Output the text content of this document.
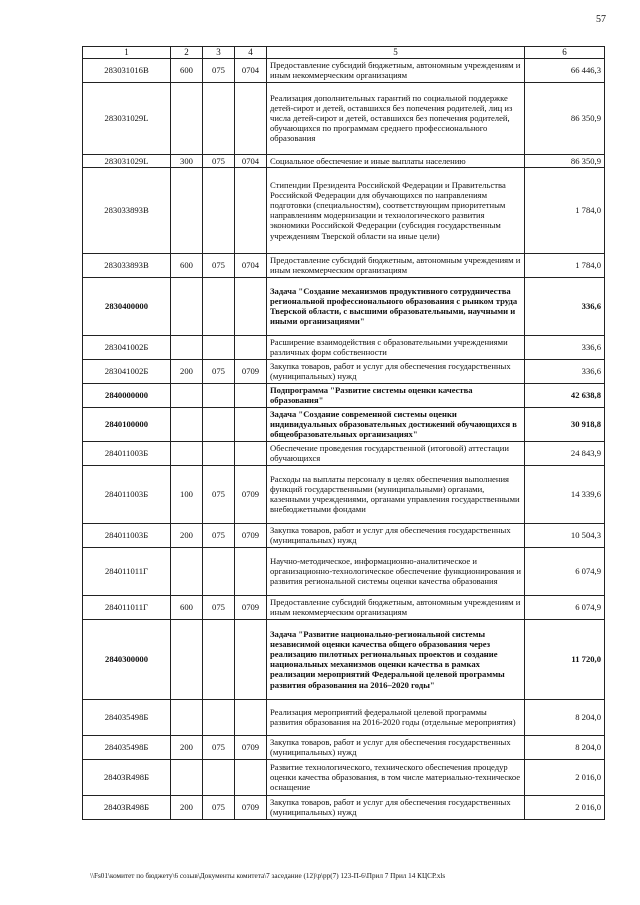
57
1	2	3	4	5	6
283031016B	600	075	0704	Предоставление субсидий бюджетным, автономным учреждениям и иным некоммерческим организациям	66 446,3
283031029L				Реализация дополнительных гарантий по социальной поддержке детей-сирот и детей, оставшихся без попечения родителей, лиц из числа детей-сирот и детей, оставшихся без попечения родителей, обучающихся по программам среднего профессионального образования	86 350,9
283031029L	300	075	0704	Социальное обеспечение и иные выплаты населению	86 350,9
283033893B				Стипендии Президента Российской Федерации и Правительства Российской Федерации для обучающихся по направлениям подготовки (специальностям), соответствующим приоритетным направлениям модернизации и технологического развития экономики Российской Федерации (субсидия государственным учреждениям Тверской области на иные цели)	1 784,0
283033893B	600	075	0704	Предоставление субсидий бюджетным, автономным учреждениям и иным некоммерческим организациям	1 784,0
2830400000				Задача "Создание механизмов продуктивного сотрудничества региональной профессионального образования с рынком труда Тверской области, с высшими образовательными, научными и иными организациями"	336,6
283041002Б				Расширение взаимодействия с образовательными учреждениями различных форм собственности	336,6
283041002Б	200	075	0709	Закупка товаров, работ и услуг для обеспечения государственных (муниципальных) нужд	336,6
2840000000				Подпрограмма "Развитие системы оценки качества образования"	42 638,8
2840100000				Задача "Создание современной системы оценки индивидуальных образовательных достижений обучающихся в общеобразовательных организациях"	30 918,8
284011003Б				Обеспечение проведения государственной (итоговой) аттестации обучающихся	24 843,9
284011003Б	100	075	0709	Расходы на выплаты персоналу в целях обеспечения выполнения функций государственными (муниципальными) органами, казенными учреждениями, органами управления государственными внебюджетными фондами	14 339,6
284011003Б	200	075	0709	Закупка товаров, работ и услуг для обеспечения государственных (муниципальных) нужд	10 504,3
284011011Г				Научно-методическое, информационно-аналитическое и организационно-технологическое обеспечение функционирования и развития региональной системы оценки качества образования	6 074,9
284011011Г	600	075	0709	Предоставление субсидий бюджетным, автономным учреждениям и иным некоммерческим организациям	6 074,9
2840300000				Задача "Развитие национально-региональной системы независимой оценки качества общего образования через реализацию пилотных региональных проектов и создание национальных механизмов оценки качества в рамках реализации мероприятий Федеральной целевой программы развития образования на 2016–2020 годы"	11 720,0
284035498Б				Реализация мероприятий федеральной целевой программы развития образования на 2016-2020 годы (отдельные мероприятия)	8 204,0
284035498Б	200	075	0709	Закупка товаров, работ и услуг для обеспечения государственных (муниципальных) нужд	8 204,0
28403R498Б				Развитие технологического, технического обеспечения процедур оценки качества образования, в том числе материально-техническое оснащение	2 016,0
28403R498Б	200	075	0709	Закупка товаров, работ и услуг для обеспечения государственных (муниципальных) нужд	2 016,0
\\Fs01\комитет по бюджету\6 созыв\Документы комитета\7 заседание (12)\p\pp(7) 123-П-6\Прил 7 Прил 14 КЦСР.xls
